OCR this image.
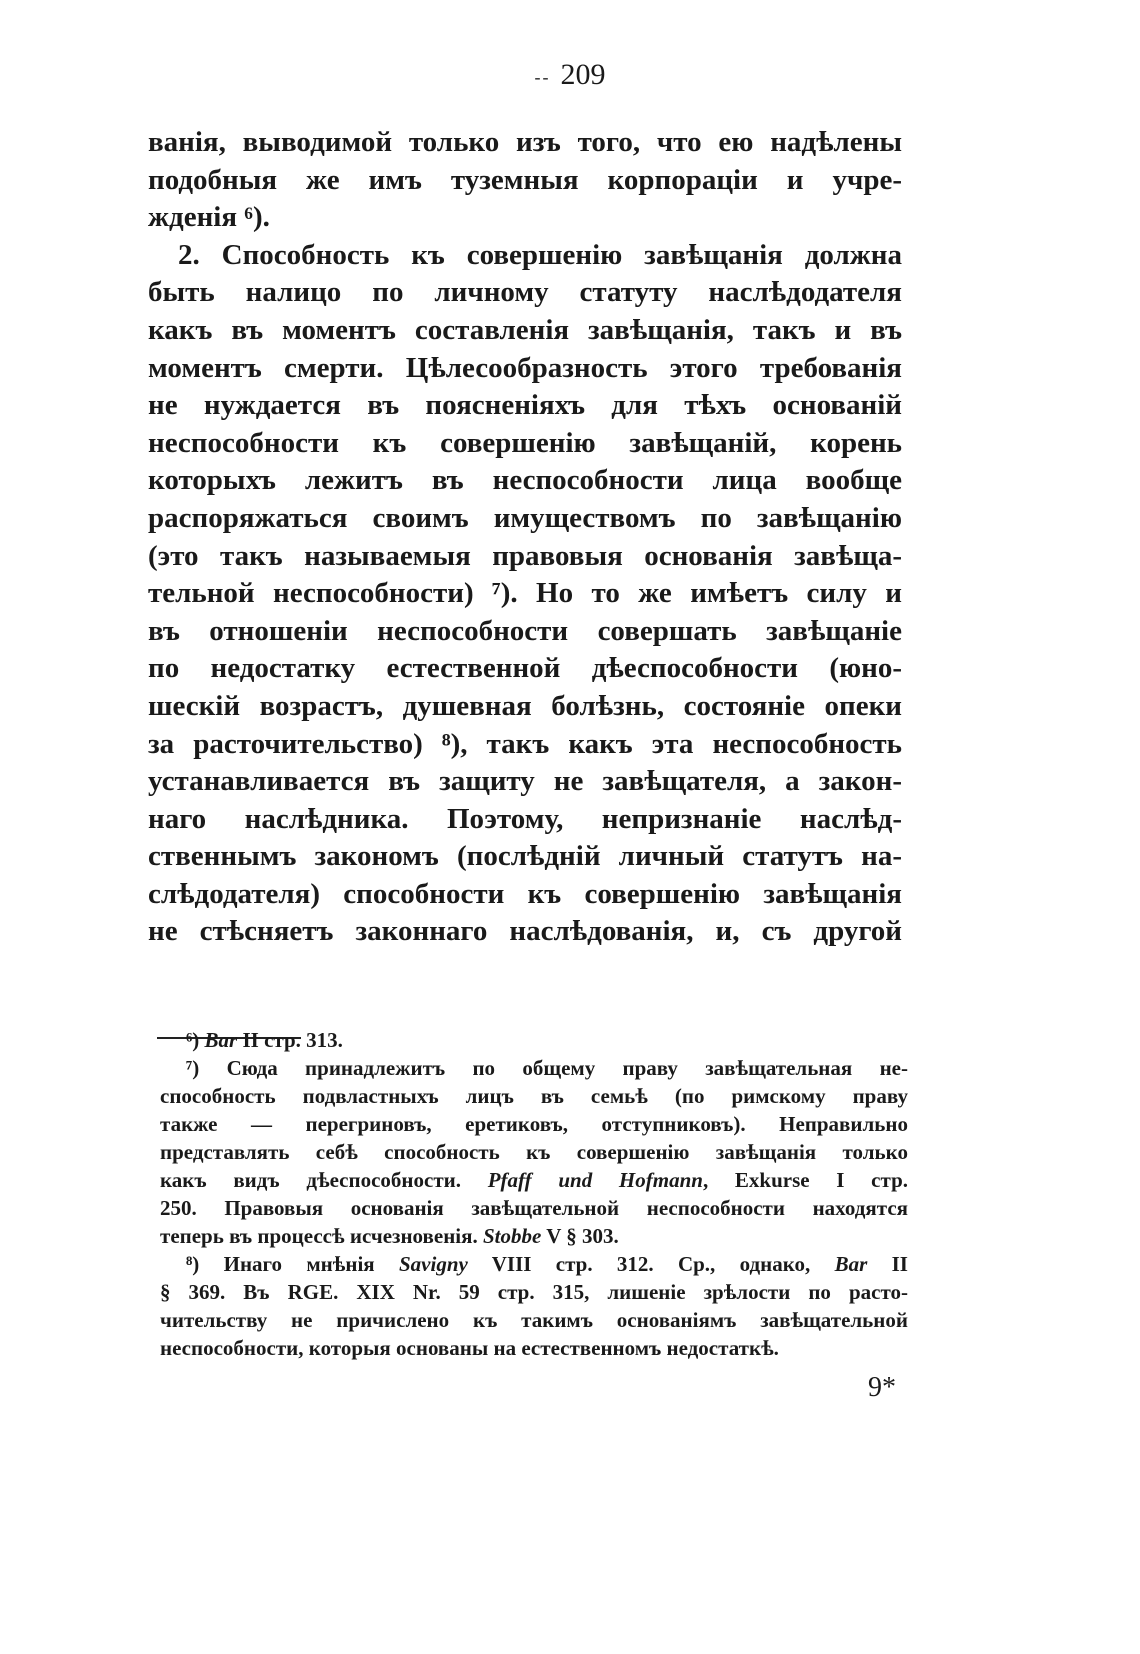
-- 209
ванія, выводимой только изъ того, что ею надѣлены
подобныя же имъ туземныя корпораціи и учре-
жденія ⁶).
2. Способность къ совершенію завѣщанія должна
быть налицо по личному статуту наслѣдодателя
какъ въ моментъ составленія завѣщанія, такъ и въ
моментъ смерти. Цѣлесообразность этого требованія
не нуждается въ поясненіяхъ для тѣхъ основаній
неспособности къ совершенію завѣщаній, корень
которыхъ лежитъ въ неспособности лица вообще
распоряжаться своимъ имуществомъ по завѣщанію
(это такъ называемыя правовыя основанія завѣща-
тельной неспособности) ⁷). Но то же имѣетъ силу и
въ отношеніи неспособности совершать завѣщаніе
по недостатку естественной дѣеспособности (юно-
шескій возрастъ, душевная болѣзнь, состояніе опеки
за расточительство) ⁸), такъ какъ эта неспособность
устанавливается въ защиту не завѣщателя, а закон-
наго наслѣдника. Поэтому, непризнаніе наслѣд-
ственнымъ закономъ (послѣдній личный статутъ на-
слѣдодателя) способности къ совершенію завѣщанія
не стѣсняетъ законнаго наслѣдованія, и, съ другой
⁶) Bar II стр. 313.
⁷) Сюда принадлежитъ по общему праву завѣщательная не-
способность подвластныхъ лицъ въ семьѣ (по римскому праву
также — перегриновъ, еретиковъ, отступниковъ). Неправильно
представлять себѣ способность къ совершенію завѣщанія только
какъ видъ дѣеспособности. Pfaff und Hofmann, Exkurse I стр.
250. Правовыя основанія завѣщательной неспособности находятся
теперь въ процессѣ исчезновенія. Stobbe V § 303.
⁸) Инаго мнѣнія Savigny VIII стр. 312. Ср., однако, Bar II
§ 369. Въ RGE. XIX Nr. 59 стр. 315, лишеніе зрѣлости по расто-
чительству не причислено къ такимъ основаніямъ завѣщательной
неспособности, которыя основаны на естественномъ недостаткѣ.
9*
